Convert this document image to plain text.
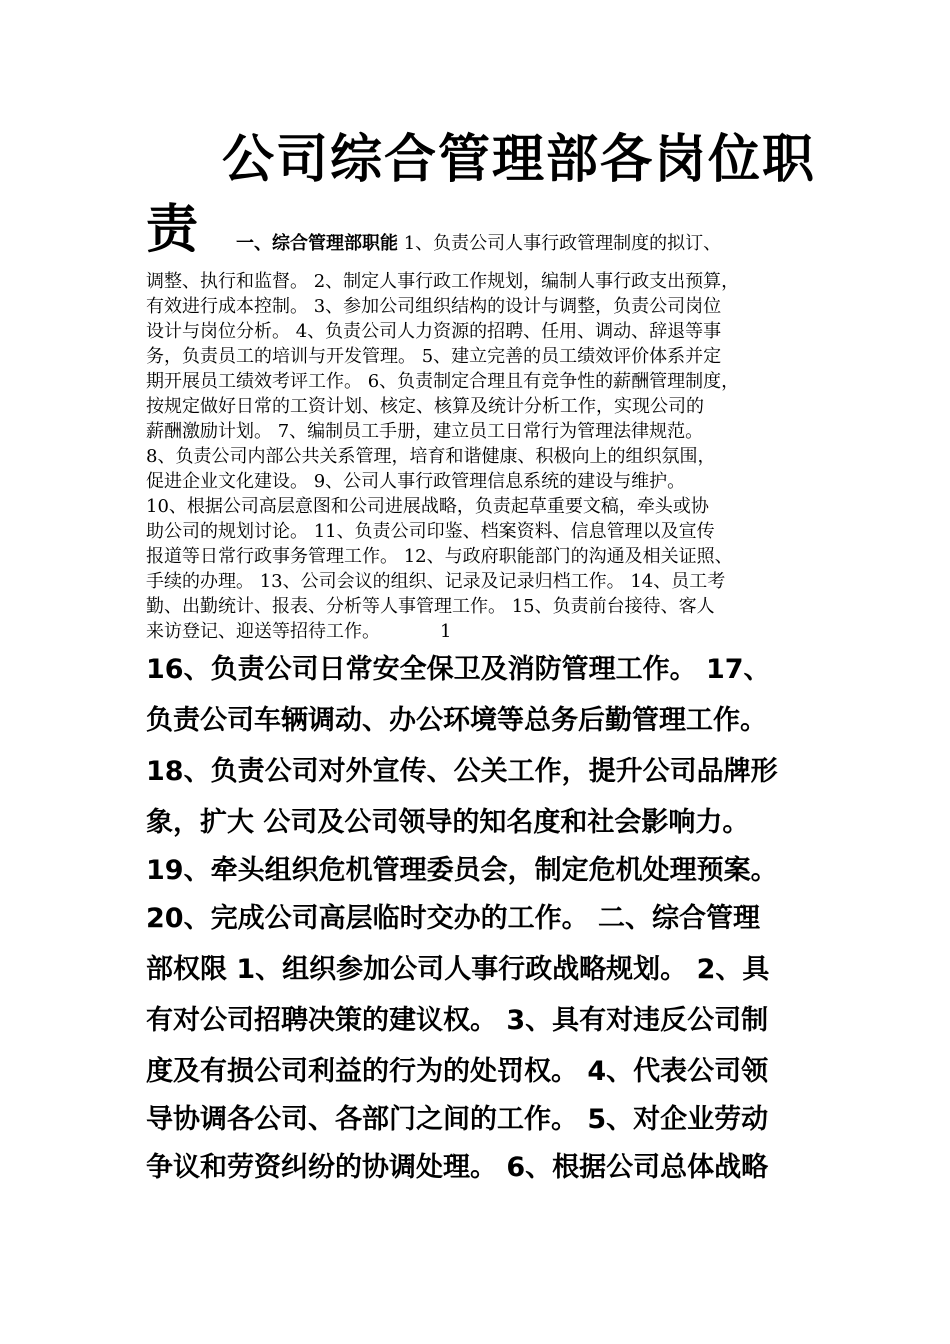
公司综合管理部各岗位职
责 一、综合管理部职能 1、负责公司人事行政管理制度的拟订、
调整、执行和监督。 2、制定人事行政工作规划，编制人事行政支出预算，
有效进行成本控制。 3、参加公司组织结构的设计与调整，负责公司岗位
设计与岗位分析。 4、负责公司人力资源的招聘、任用、调动、辞退等事
务，负责员工的培训与开发管理。 5、建立完善的员工绩效评价体系并定
期开展员工绩效考评工作。 6、负责制定合理且有竞争性的薪酬管理制度，
按规定做好日常的工资计划、核定、核算及统计分析工作，实现公司的
薪酬激励计划。 7、编制员工手册，建立员工日常行为管理法律规范。
8、负责公司内部公共关系管理，培育和谐健康、积极向上的组织氛围，
促进企业文化建设。 9、公司人事行政管理信息系统的建设与维护。
10、根据公司高层意图和公司进展战略，负责起草重要文稿，牵头或协
助公司的规划讨论。 11、负责公司印鉴、档案资料、信息管理以及宣传
报道等日常行政事务管理工作。 12、与政府职能部门的沟通及相关证照、
手续的办理。 13、公司会议的组织、记录及记录归档工作。 14、员工考
勤、出勤统计、报表、分析等人事管理工作。 15、负责前台接待、客人
来访登记、迎送等招待工作。	1
16、负责公司日常安全保卫及消防管理工作。 17、
负责公司车辆调动、办公环境等总务后勤管理工作。
18、负责公司对外宣传、公关工作，提升公司品牌形
象，扩大 公司及公司领导的知名度和社会影响力。
19、牵头组织危机管理委员会，制定危机处理预案。
20、完成公司高层临时交办的工作。 二、综合管理
部权限 1、组织参加公司人事行政战略规划。 2、具
有对公司招聘决策的建议权。 3、具有对违反公司制
度及有损公司利益的行为的处罚权。 4、代表公司领
导协调各公司、各部门之间的工作。 5、对企业劳动
争议和劳资纠纷的协调处理。 6、根据公司总体战略
